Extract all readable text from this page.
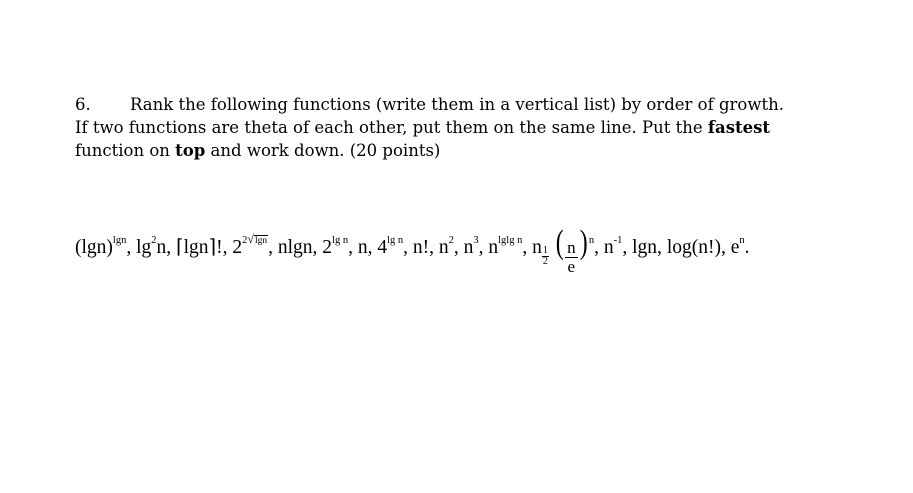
6. Rank the following functions (write them in a vertical list) by order of growth.
If two functions are theta of each other, put them on the same line. Put the fastest
function on top and work down. (20 points)
$(\lg n)^{lgn}$, $\lg^2n$, ⌈lgn⌉!, $2^{2√lgn}$, nlgn, $2^{lg n}$, n, $4^{lg n}$, n!, $n^2$, $n^3$, $n^{lglg n}$, n $\frac{1}{2}$ ( $\frac{n}{e}$ ) $^n$, $n^{-1}$, lgn, log(n!), $e^n$.
